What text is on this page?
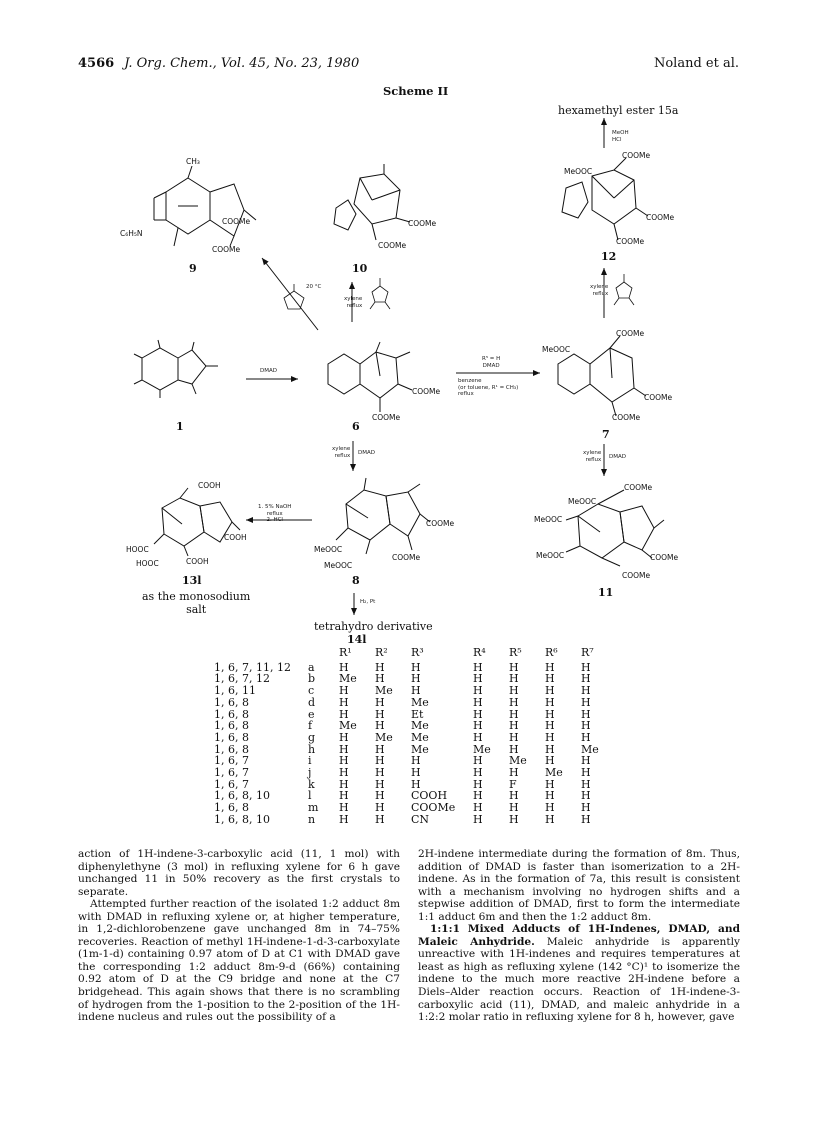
4566 J. Org. Chem., Vol. 45, No. 23, 1980	Noland et al.
Scheme II
CH₃
COOMe
C₆H₅N
COOMe
9
COOMe
COOMe
10
hexamethyl ester 15a
COOMe
MeOOC
COOMe
COOMe
12
1
COOMe
COOMe
6
COOMe
MeOOC
COOMe
COOMe
7
COOH
COOH
HOOC
COOH
HOOC
13l
as the monosodium
salt
COOMe
COOMe
MeOOC
MeOOC
8
COOMe
MeOOC
MeOOC
MeOOC	COOMe
COOMe
11
tetrahydro derivative
14l
MeOH
HCl
20 °C
xylene
reflux
xylene
reflux
DMAD
R⁵ = H
DMAD
benzene
(or toluene, R¹ = CH₃)
reflux
xylene
reflux DMAD	xylene
reflux DMAD
1. 5% NaOH
reflux
2. HCl
H₂, Pt
		R¹	R²	R³	R⁴	R⁵	R⁶	R⁷
1, 6, 7, 11, 12	a	H	H	H	H	H	H	H
1, 6, 7, 12	b	Me	H	H	H	H	H	H
1, 6, 11	c	H	Me	H	H	H	H	H
1, 6, 8	d	H	H	Me	H	H	H	H
1, 6, 8	e	H	H	Et	H	H	H	H
1, 6, 8	f	Me	H	Me	H	H	H	H
1, 6, 8	g	H	Me	Me	H	H	H	H
1, 6, 8	h	H	H	Me	Me	H	H	Me
1, 6, 7	i	H	H	H	H	Me	H	H
1, 6, 7	j	H	H	H	H	H	Me	H
1, 6, 7	k	H	H	H	H	F	H	H
1, 6, 8, 10	l	H	H	COOH	H	H	H	H
1, 6, 8	m	H	H	COOMe	H	H	H	H
1, 6, 8, 10	n	H	H	CN	H	H	H	H

action of 1H-indene-3-carboxylic acid (11, 1 mol) with diphenylethyne (3 mol) in refluxing xylene for 6 h gave unchanged 11 in 50% recovery as the first crystals to separate.

Attempted further reaction of the isolated 1:2 adduct 8m with DMAD in refluxing xylene or, at higher temperature, in 1,2-dichlorobenzene gave unchanged 8m in 74–75% recoveries. Reaction of methyl 1H-indene-1-d-3-carboxylate (1m-1-d) containing 0.97 atom of D at C1 with DMAD gave the corresponding 1:2 adduct 8m-9-d (66%) containing 0.92 atom of D at the C9 bridge and none at the C7 bridgehead. This again shows that there is no scrambling of hydrogen from the 1-position to the 2-position of the 1H-indene nucleus and rules out the possibility of a

2H-indene intermediate during the formation of 8m. Thus, addition of DMAD is faster than isomerization to a 2H-indene. As in the formation of 7a, this result is consistent with a mechanism involving no hydrogen shifts and a stepwise addition of DMAD, first to form the intermediate 1:1 adduct 6m and then the 1:2 adduct 8m.

1:1:1 Mixed Adducts of 1H-Indenes, DMAD, and Maleic Anhydride. Maleic anhydride is apparently unreactive with 1H-indenes and requires temperatures at least as high as refluxing xylene (142 °C)¹ to isomerize the indene to the much more reactive 2H-indene before a Diels–Alder reaction occurs. Reaction of 1H-indene-3-carboxylic acid (11), DMAD, and maleic anhydride in a 1:2:2 molar ratio in refluxing xylene for 8 h, however, gave
